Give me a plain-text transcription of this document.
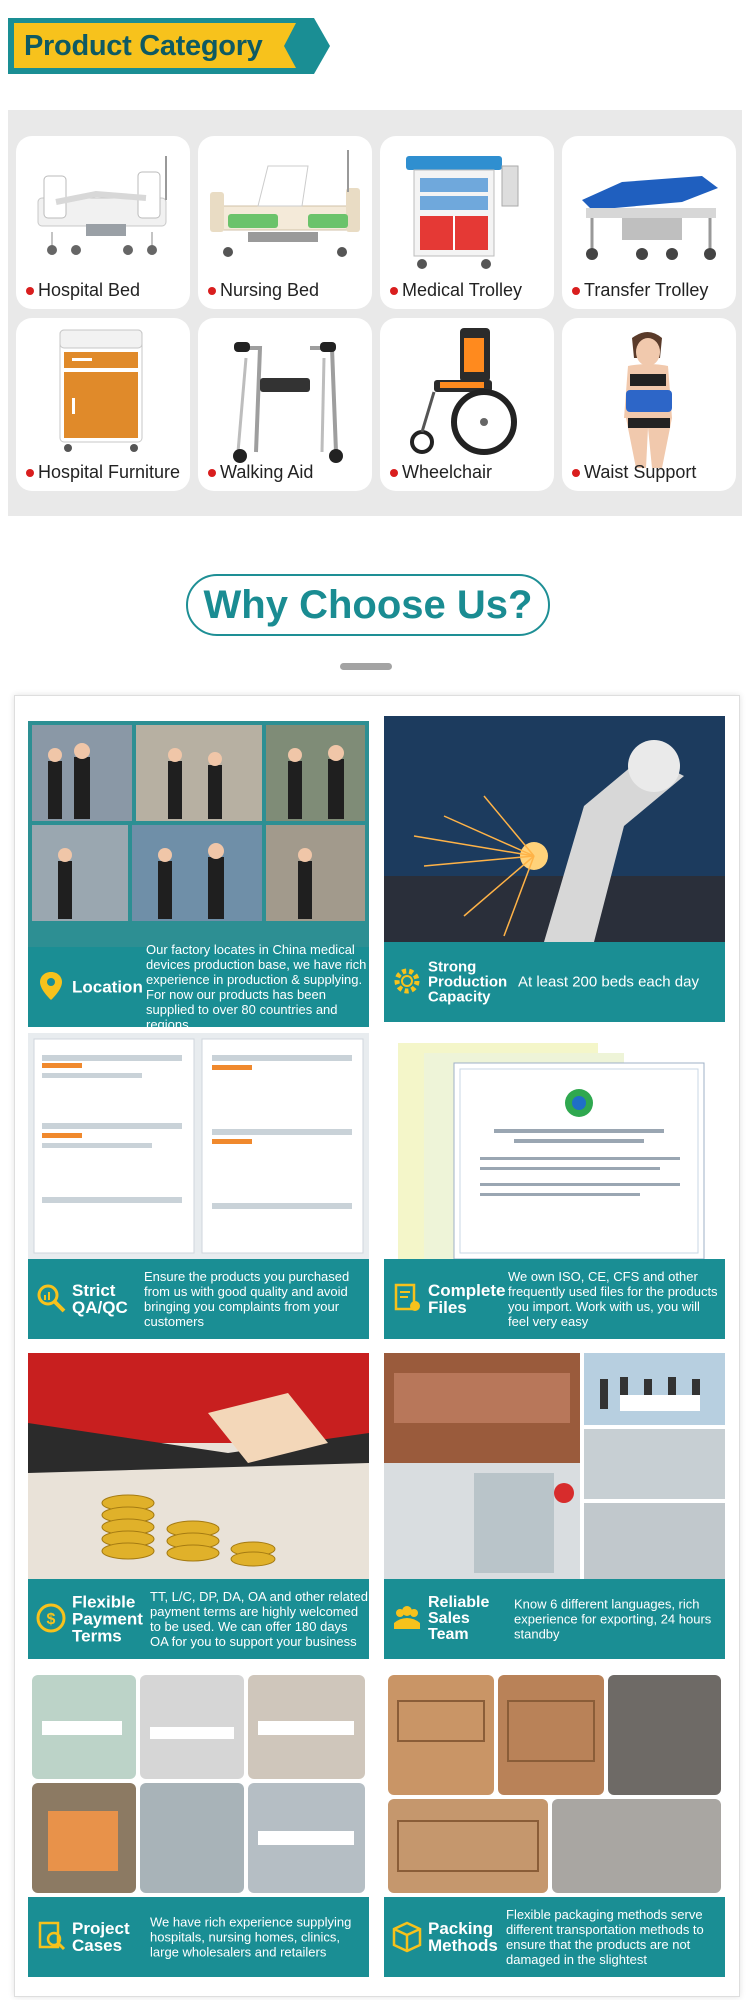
Product Category
Hospital Bed	Nursing Bed	Medical Trolley	Transfer Trolley
Hospital Furniture	Walking Aid	Wheelchair	Waist Support
Why Choose Us?
Location
Our factory locates in China medical devices production base, we have rich experience in production & supplying. For now our products has been supplied to over 80 countries and regions
Strong Production Capacity
At least 200 beds each day
Strict QA/QC
Ensure the products you purchased from us with good quality and avoid bringing you complaints from your customers
Complete Files
We own ISO, CE, CFS and other frequently used files for the products you import. Work with us, you will feel very easy
$
Flexible Payment Terms
TT, L/C, DP, DA, OA and other related payment terms are highly welcomed to be used. We can offer 180 days OA for you to support your business
Reliable Sales Team
Know 6 different languages, rich experience for exporting, 24 hours standby
Project Cases
We have rich experience supplying hospitals, nursing homes, clinics, large wholesalers and retailers
Packing Methods
Flexible packaging methods serve different transportation methods to ensure that the products are not damaged in the slightest
